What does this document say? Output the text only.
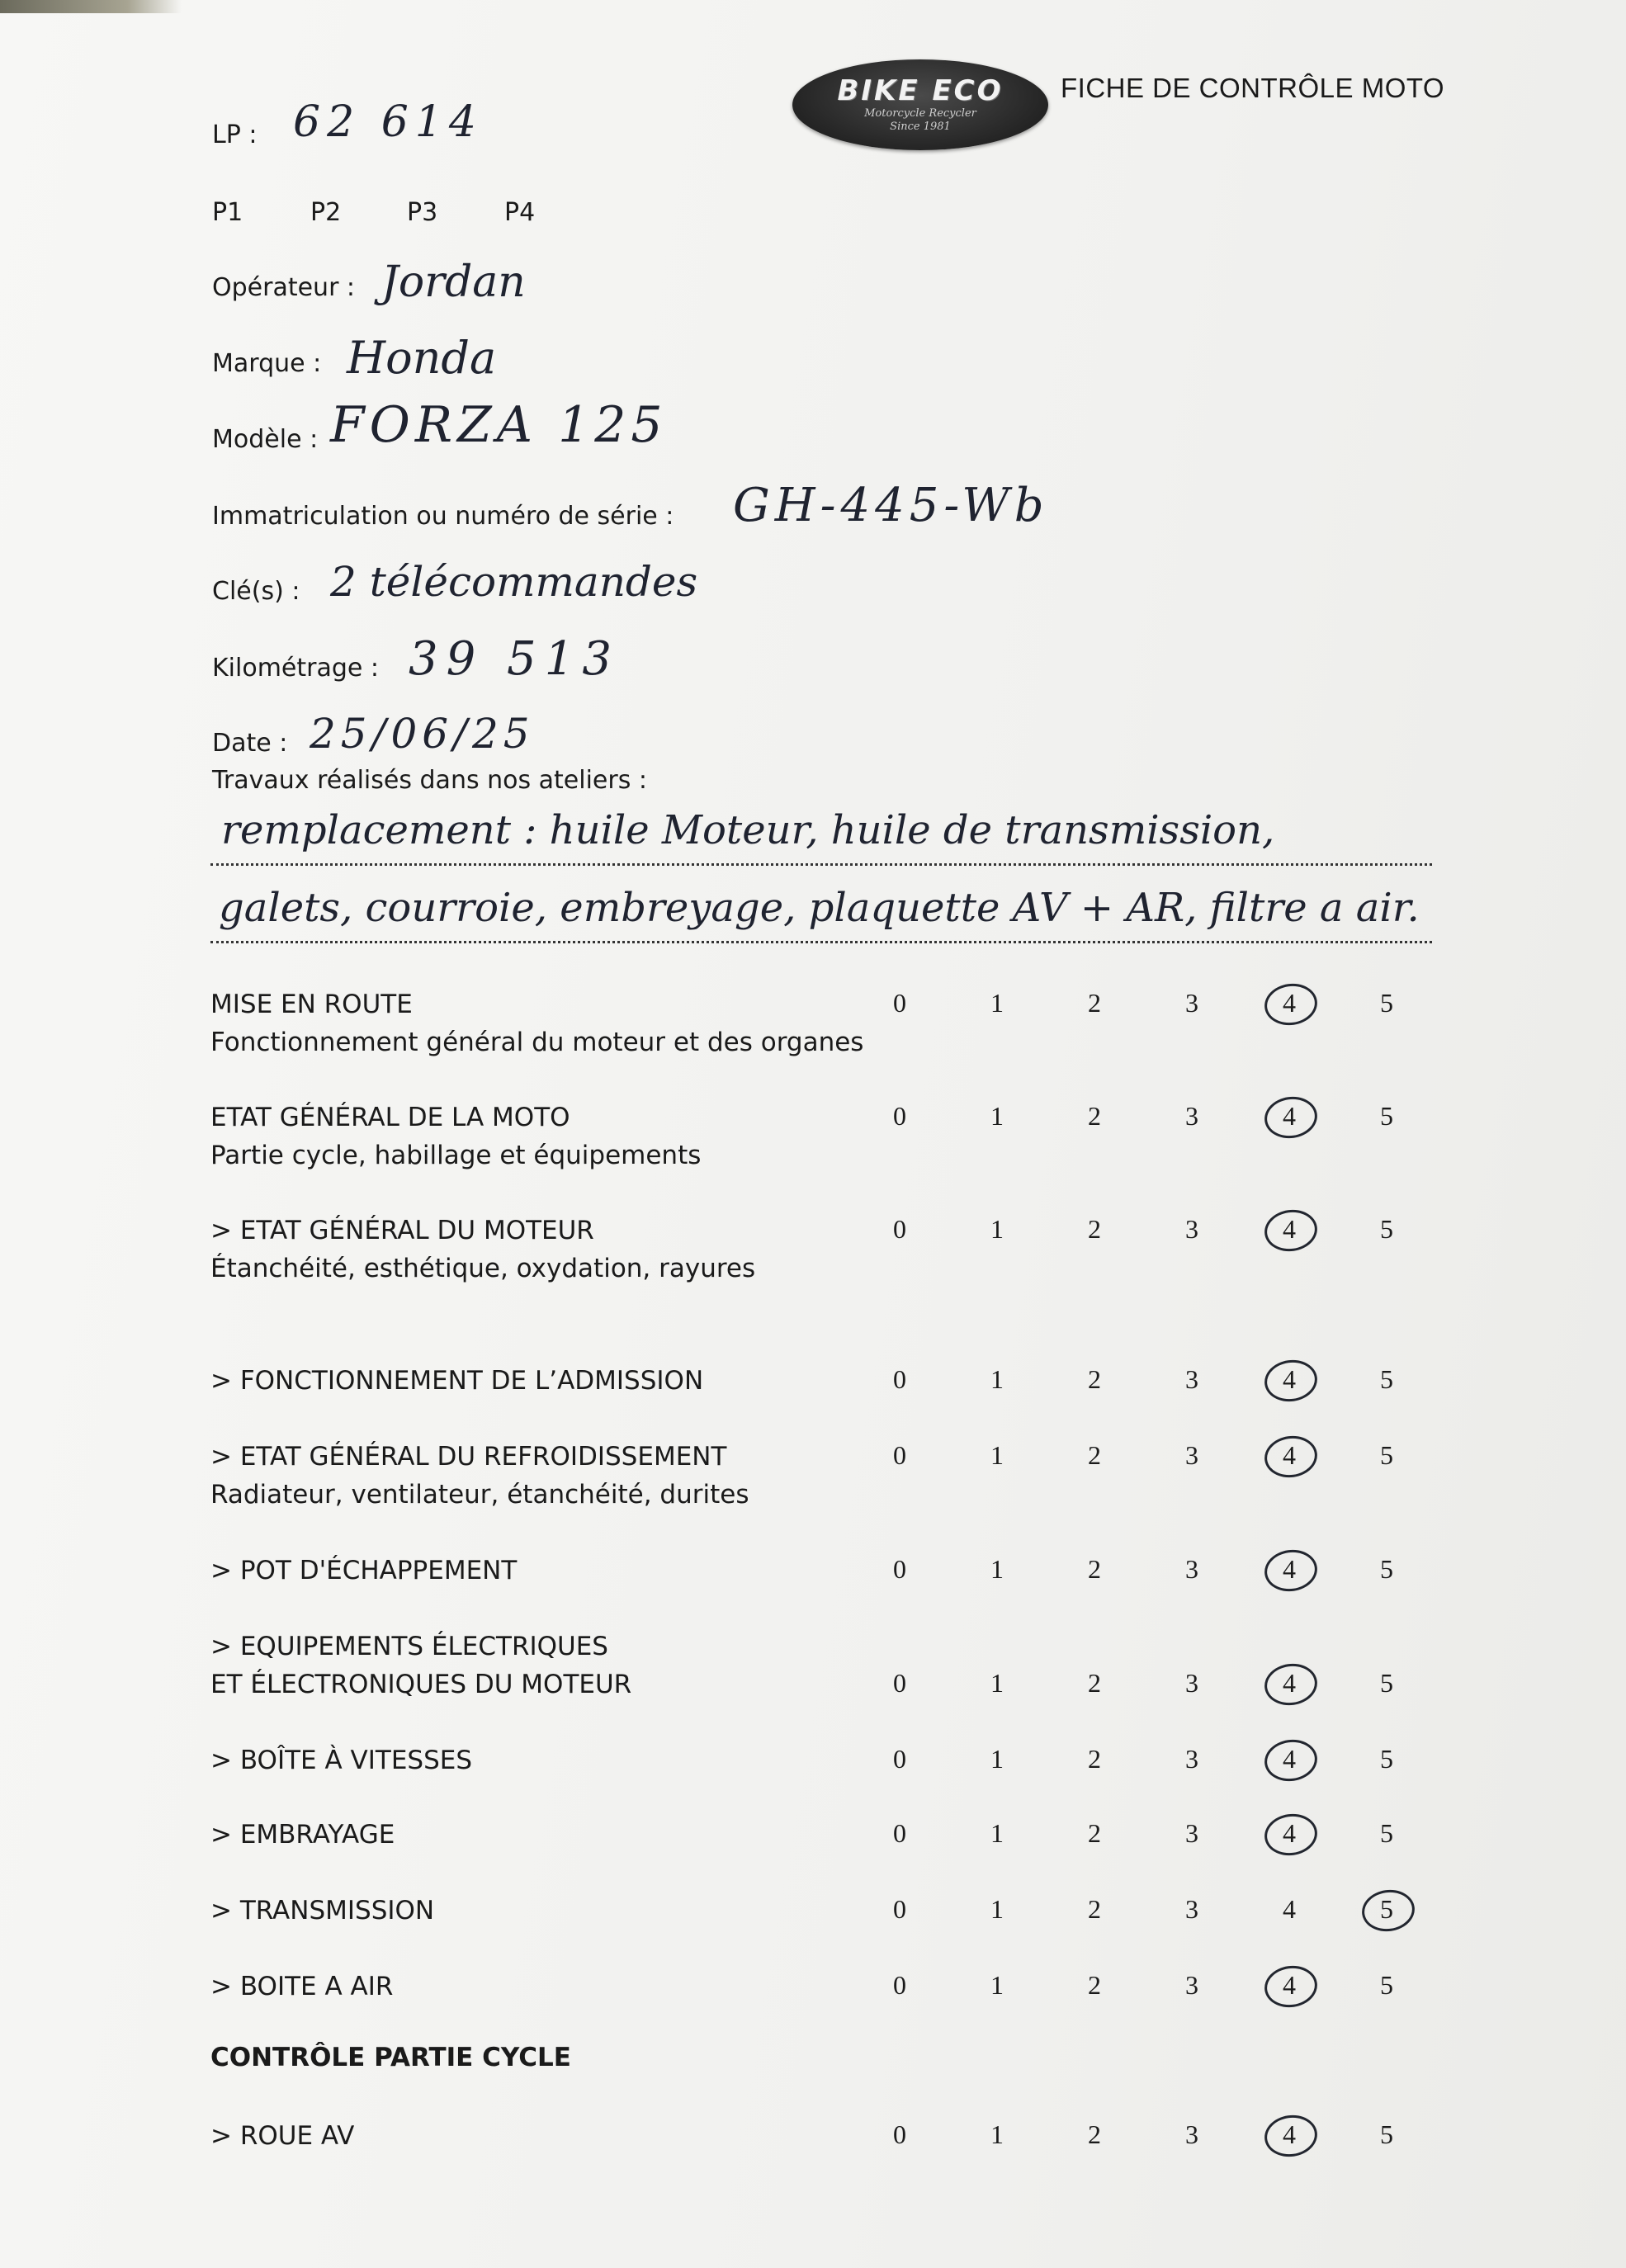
BIKE ECO
Motorcycle Recycler
Since 1981
FICHE DE CONTRÔLE MOTO
LP : 62 614
P1	P2	P3	P4
Opérateur : Jordan
Marque : Honda
Modèle : FORZA 125
Immatriculation ou numéro de série : GH-445-Wb
Clé(s) : 2 télécommandes
Kilométrage : 39 513
Date : 25/06/25
Travaux réalisés dans nos ateliers :
remplacement : huile Moteur, huile de transmission,
galets, courroie, embreyage, plaquette AV + AR, filtre a air.
MISE EN ROUTE
Fonctionnement général du moteur et des organes
0	1	2	3	4	5
ETAT GÉNÉRAL DE LA MOTO
Partie cycle, habillage et équipements
0	1	2	3	4	5
> ETAT GÉNÉRAL DU MOTEUR
Étanchéité, esthétique, oxydation, rayures
0	1	2	3	4	5
> FONCTIONNEMENT DE L’ADMISSION	0	1	2	3	4	5
> ETAT GÉNÉRAL DU REFROIDISSEMENT
Radiateur, ventilateur, étanchéité, durites
0	1	2	3	4	5
> POT D'ÉCHAPPEMENT	0	1	2	3	4	5
> EQUIPEMENTS ÉLECTRIQUES
ET ÉLECTRONIQUES DU MOTEUR	0	1	2	3	4	5
> BOÎTE À VITESSES	0	1	2	3	4	5
> EMBRAYAGE	0	1	2	3	4	5
> TRANSMISSION	0	1	2	3	4	5
> BOITE A AIR	0	1	2	3	4	5
> ROUE AV	0	1	2	3	4	5
CONTRÔLE PARTIE CYCLE
